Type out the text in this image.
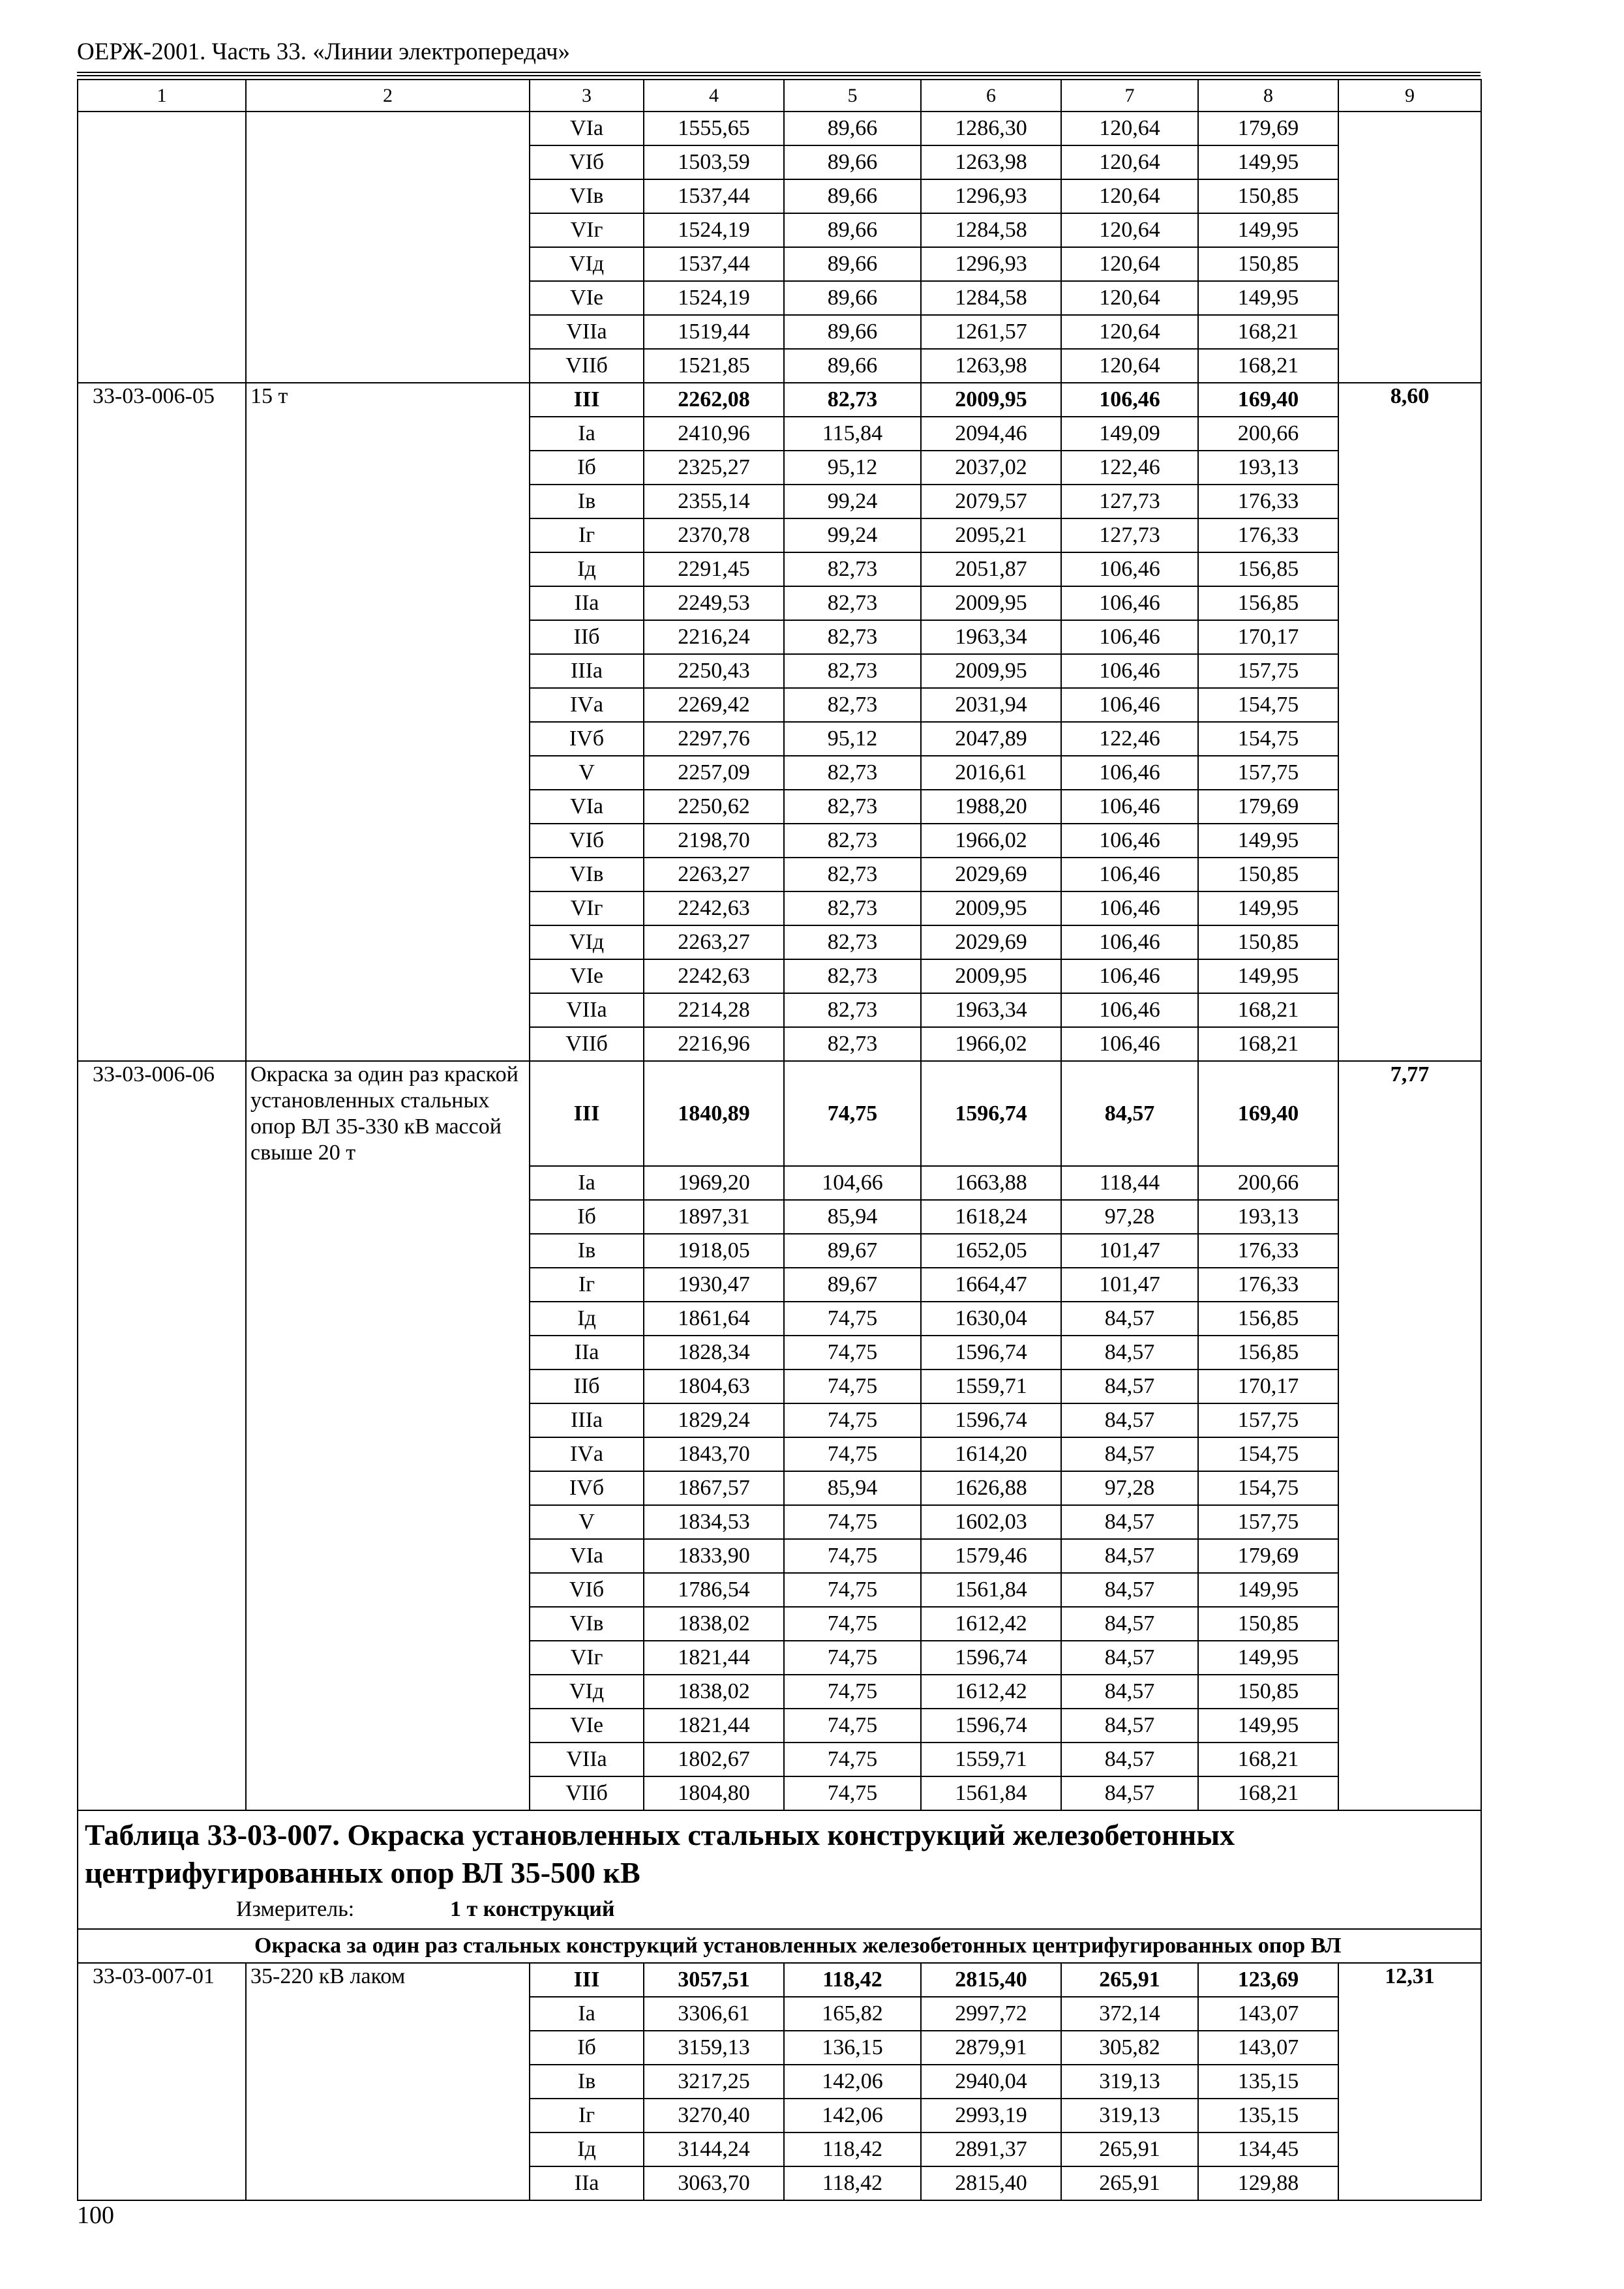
ОЕРЖ-2001. Часть 33. «Линии электропередач»
1	2	3	4	5	6	7	8	9
		VIа	1555,65	89,66	1286,30	120,64	179,69	
		VIб	1503,59	89,66	1263,98	120,64	149,95	
		VIв	1537,44	89,66	1296,93	120,64	150,85	
		VIг	1524,19	89,66	1284,58	120,64	149,95	
		VIд	1537,44	89,66	1296,93	120,64	150,85	
		VIе	1524,19	89,66	1284,58	120,64	149,95	
		VIIа	1519,44	89,66	1261,57	120,64	168,21	
		VIIб	1521,85	89,66	1263,98	120,64	168,21	
33-03-006-05	15 т	III	2262,08	82,73	2009,95	106,46	169,40	8,60
		Iа	2410,96	115,84	2094,46	149,09	200,66	
		Iб	2325,27	95,12	2037,02	122,46	193,13	
		Iв	2355,14	99,24	2079,57	127,73	176,33	
		Iг	2370,78	99,24	2095,21	127,73	176,33	
		Iд	2291,45	82,73	2051,87	106,46	156,85	
		IIа	2249,53	82,73	2009,95	106,46	156,85	
		IIб	2216,24	82,73	1963,34	106,46	170,17	
		IIIа	2250,43	82,73	2009,95	106,46	157,75	
		IVа	2269,42	82,73	2031,94	106,46	154,75	
		IVб	2297,76	95,12	2047,89	122,46	154,75	
		V	2257,09	82,73	2016,61	106,46	157,75	
		VIа	2250,62	82,73	1988,20	106,46	179,69	
		VIб	2198,70	82,73	1966,02	106,46	149,95	
		VIв	2263,27	82,73	2029,69	106,46	150,85	
		VIг	2242,63	82,73	2009,95	106,46	149,95	
		VIд	2263,27	82,73	2029,69	106,46	150,85	
		VIе	2242,63	82,73	2009,95	106,46	149,95	
		VIIа	2214,28	82,73	1963,34	106,46	168,21	
		VIIб	2216,96	82,73	1966,02	106,46	168,21	
33-03-006-06	Окраска за один раз краской установленных стальных опор ВЛ 35-330 кВ массой свыше 20 т	III	1840,89	74,75	1596,74	84,57	169,40	7,77
		Iа	1969,20	104,66	1663,88	118,44	200,66	
		Iб	1897,31	85,94	1618,24	97,28	193,13	
		Iв	1918,05	89,67	1652,05	101,47	176,33	
		Iг	1930,47	89,67	1664,47	101,47	176,33	
		Iд	1861,64	74,75	1630,04	84,57	156,85	
		IIа	1828,34	74,75	1596,74	84,57	156,85	
		IIб	1804,63	74,75	1559,71	84,57	170,17	
		IIIа	1829,24	74,75	1596,74	84,57	157,75	
		IVа	1843,70	74,75	1614,20	84,57	154,75	
		IVб	1867,57	85,94	1626,88	97,28	154,75	
		V	1834,53	74,75	1602,03	84,57	157,75	
		VIа	1833,90	74,75	1579,46	84,57	179,69	
		VIб	1786,54	74,75	1561,84	84,57	149,95	
		VIв	1838,02	74,75	1612,42	84,57	150,85	
		VIг	1821,44	74,75	1596,74	84,57	149,95	
		VIд	1838,02	74,75	1612,42	84,57	150,85	
		VIе	1821,44	74,75	1596,74	84,57	149,95	
		VIIа	1802,67	74,75	1559,71	84,57	168,21	
		VIIб	1804,80	74,75	1561,84	84,57	168,21	

Таблица 33-03-007. Окраска установленных стальных конструкций железобетонных центрифугированных опор ВЛ 35-500 кВ
Измеритель: 1 т конструкций								

Окраска за один раз стальных конструкций установленных железобетонных центрифугированных опор ВЛ								
33-03-007-01	35-220 кВ лаком	III	3057,51	118,42	2815,40	265,91	123,69	12,31
		Iа	3306,61	165,82	2997,72	372,14	143,07	
		Iб	3159,13	136,15	2879,91	305,82	143,07	
		Iв	3217,25	142,06	2940,04	319,13	135,15	
		Iг	3270,40	142,06	2993,19	319,13	135,15	
		Iд	3144,24	118,42	2891,37	265,91	134,45	
		IIа	3063,70	118,42	2815,40	265,91	129,88	
100
